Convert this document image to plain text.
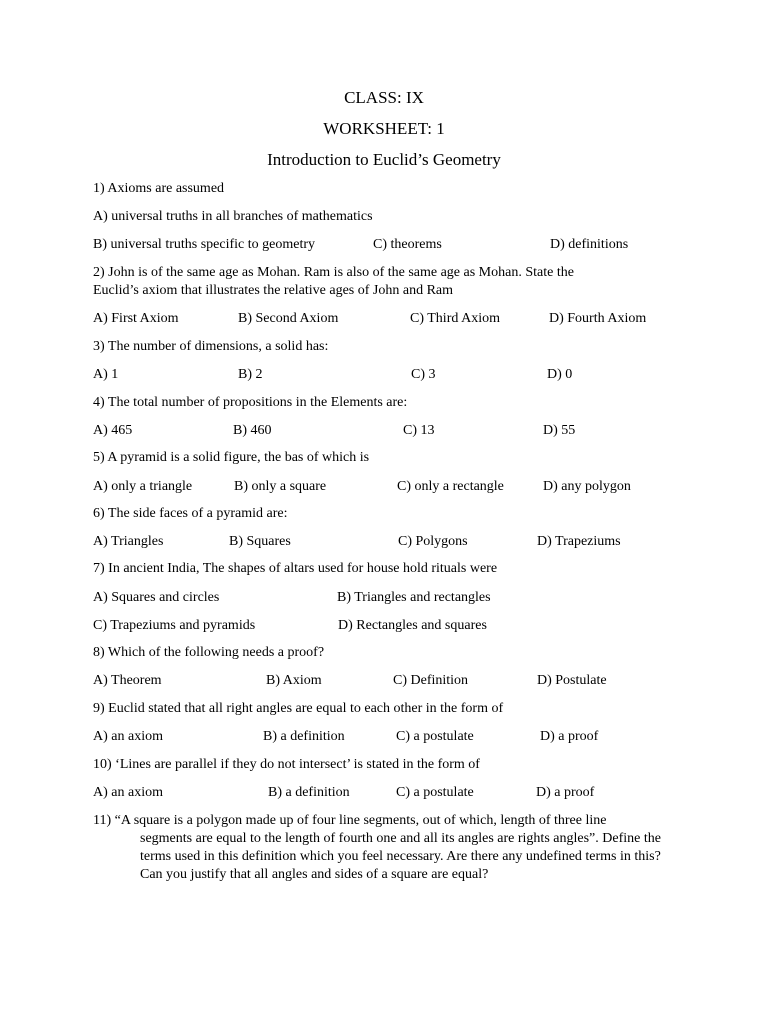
CLASS: IX
WORKSHEET: 1
Introduction to Euclid’s Geometry
1) Axioms are assumed
A) universal truths in all branches of mathematics
B) universal truths specific to geometry	C) theorems	D) definitions
2) John is of the same age as Mohan. Ram is also of the same age as Mohan. State the
Euclid’s axiom that illustrates the relative ages of John and Ram
A) First Axiom	B) Second Axiom	C) Third Axiom	D) Fourth Axiom
3) The number of dimensions, a solid has:
A) 1	B) 2	C) 3	D) 0
4) The total number of propositions in the Elements are:
A) 465	B) 460	C) 13	D) 55
5) A pyramid is a solid figure, the bas of which is
A) only a triangle	B) only a square	C) only a rectangle	D) any polygon
6) The side faces of a pyramid are:
A) Triangles	B) Squares	C) Polygons	D) Trapeziums
7) In ancient India, The shapes of altars used for house hold rituals were
A) Squares and circles	B) Triangles and rectangles
C) Trapeziums and pyramids	D) Rectangles and squares
8) Which of the following needs a proof?
A) Theorem	B) Axiom	C) Definition	D) Postulate
9) Euclid stated that all right angles are equal to each other in the form of
A) an axiom	B) a definition	C) a postulate	D) a proof
10) ‘Lines are parallel if they do not intersect’ is stated in the form of
A) an axiom	B) a definition	C) a postulate	D) a proof
11) “A square is a polygon made up of four line segments, out of which, length of three line
segments are equal to the length of fourth one and all its angles are rights angles”. Define the terms used in this definition which you feel necessary. Are there any undefined terms in this? Can you justify that all angles and sides of a square are equal?
